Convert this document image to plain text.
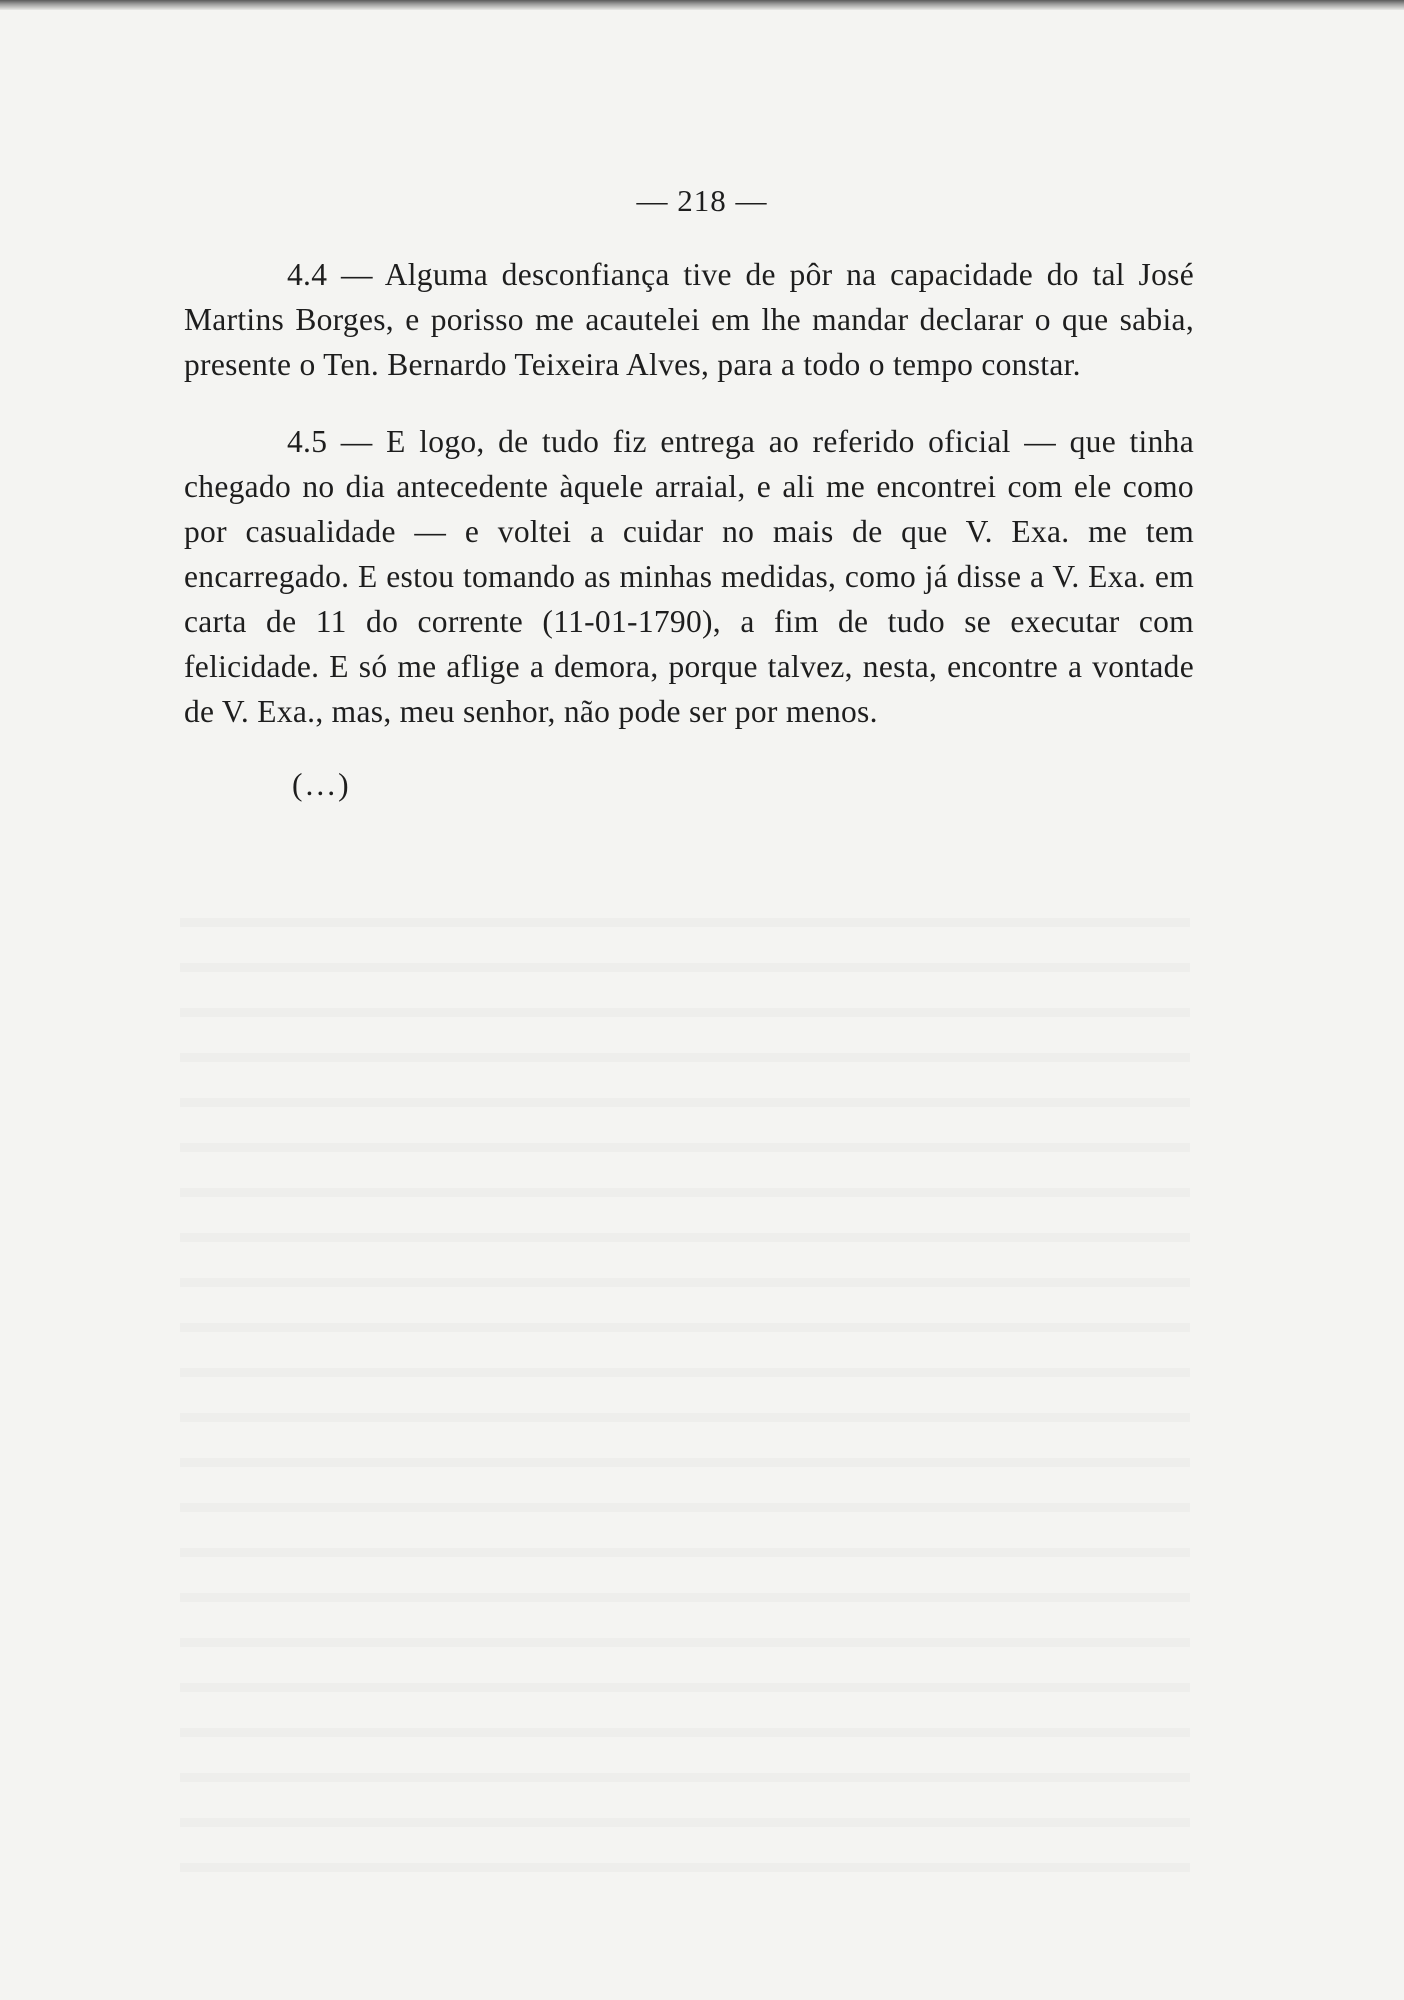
— 218 —

4.4 — Alguma desconfiança tive de pôr na capacidade do tal José Martins Borges, e porisso me acautelei em lhe mandar declarar o que sabia, presente o Ten. Bernardo Teixeira Alves, para a todo o tempo constar.

4.5 — E logo, de tudo fiz entrega ao referido oficial — que tinha chegado no dia antecedente àquele arraial, e ali me encontrei com ele como por casualidade — e voltei a cuidar no mais de que V. Exa. me tem encarregado. E estou tomando as minhas medidas, como já disse a V. Exa. em carta de 11 do corrente (11-01-1790), a fim de tudo se executar com felicidade. E só me aflige a demora, porque talvez, nesta, encontre a vontade de V. Exa., mas, meu senhor, não pode ser por menos.

(...)
